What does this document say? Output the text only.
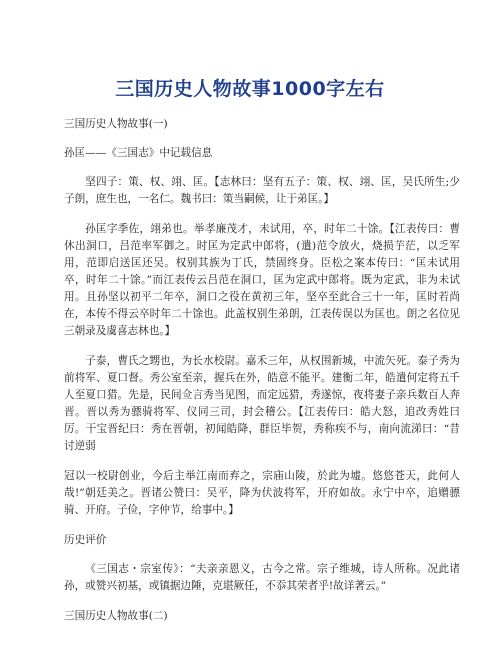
三国历史人物故事1000字左右
三国历史人物故事(一)
孙匡——《三国志》中记载信息
坚四子：策、权、翊、匡。【志林曰：坚有五子：策、权、翊、匡，吴氏所生;少子朗，庶生也，一名仁。魏书曰：策当嗣候，让于弟匡。】
孙匡字季佐，翊弟也。举孝廉茂才，未试用，卒，时年二十馀。【江表传曰：曹休出洞口，吕范率军御之。时匡为定武中郎将，(遣)范令放火，烧损芋茫，以乏军用，范即启送匡还吴。权别其族为丁氏，禁固终身。臣松之案本传曰：“匡未试用卒，时年二十馀。”而江表传云吕范在洞口，匡为定武中郎将。既为定武，非为未试用。且孙坚以初平二年卒，洞口之役在黄初三年，坚卒至此合三十一年，匡时若尚在，本传不得云卒时年二十馀也。此盖权别生弟朗，江表传误以为匡也。朗之名位见三朝录及虞喜志林也。】
子泰，曹氏之甥也，为长水校尉。嘉禾三年，从权围新城，中流矢死。泰子秀为前将军、夏口督。秀公室至亲，握兵在外，皓意不能平。建衡二年，皓遣何定将五千人至夏口猎。先是，民间佥言秀当见图，而定远猎，秀遂惊，夜将妻子亲兵数百人奔晋。晋以秀为骠骑将军、仪同三司，封会稽公。【江表传曰：皓大怒，追改秀姓曰厉。干宝晋纪曰：秀在晋朝，初闻皓降，群臣毕贺，秀称疾不与，南向流涕曰：“昔讨逆弱
冠以一校尉创业，今后主举江南而弃之，宗庙山陵，於此为墟。悠悠苍天，此何人哉!”朝廷美之。晋诸公赞曰：吴平，降为伏波将军，开府如故。永宁中卒，追赠骠骑、开府。子俭，字仲节，给事中。】
历史评价
《三国志・宗室传》：“夫亲亲恩义，古今之常。宗子维城，诗人所称。况此诸孙，或赞兴初基，或镇据边陲，克堪厥任，不忝其荣者乎!故详著云。”
三国历史人物故事(二)
